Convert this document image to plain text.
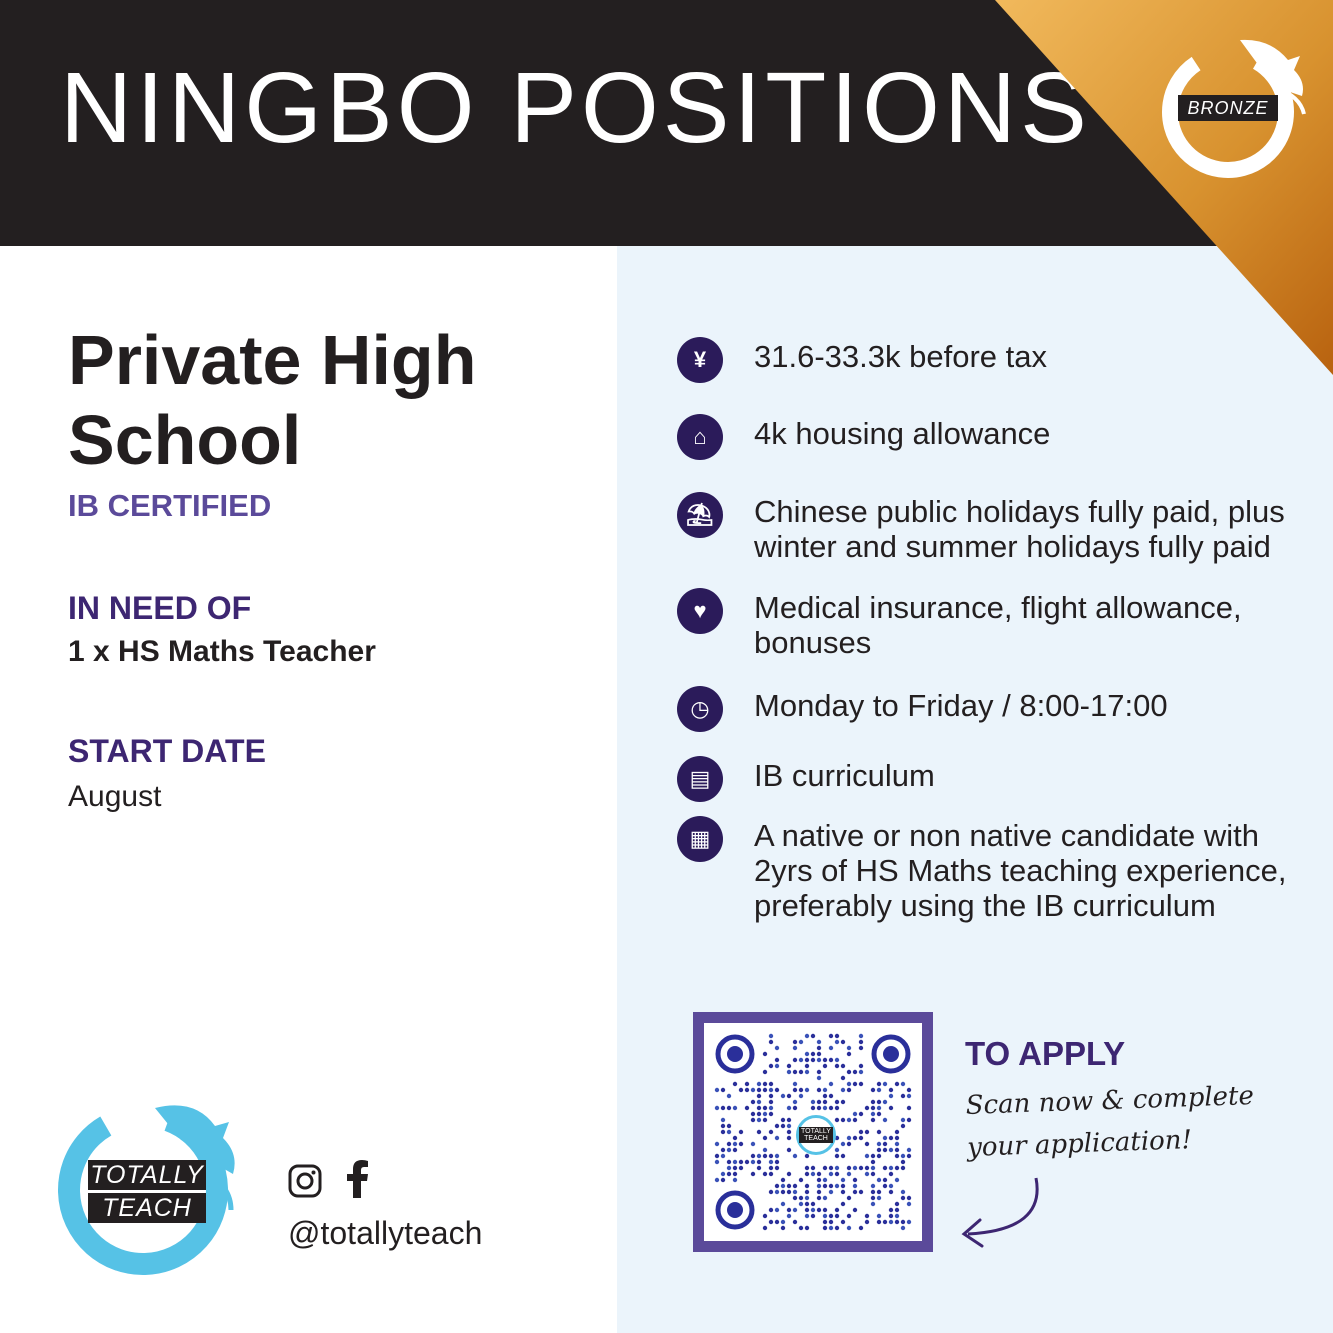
NINGBO POSITIONS	BRONZE
Private High School
IB CERTIFIED
IN NEED OF
1 x HS Maths Teacher
START DATE
August
¥	31.6-33.3k before tax
⌂	4k housing allowance
⛱ Chinese public holidays fully paid, plus winter and summer holidays fully paid
♥	Medical insurance, flight allowance, bonuses
◷	Monday to Friday / 8:00-17:00
▤	IB curriculum
▦	A native or non native candidate with 2yrs of HS Maths teaching experience, preferably using the IB curriculum
TOTALLY TEACH
TO APPLY
Scan now & complete your application!
TOTALLY
TEACH
@totallyteach
